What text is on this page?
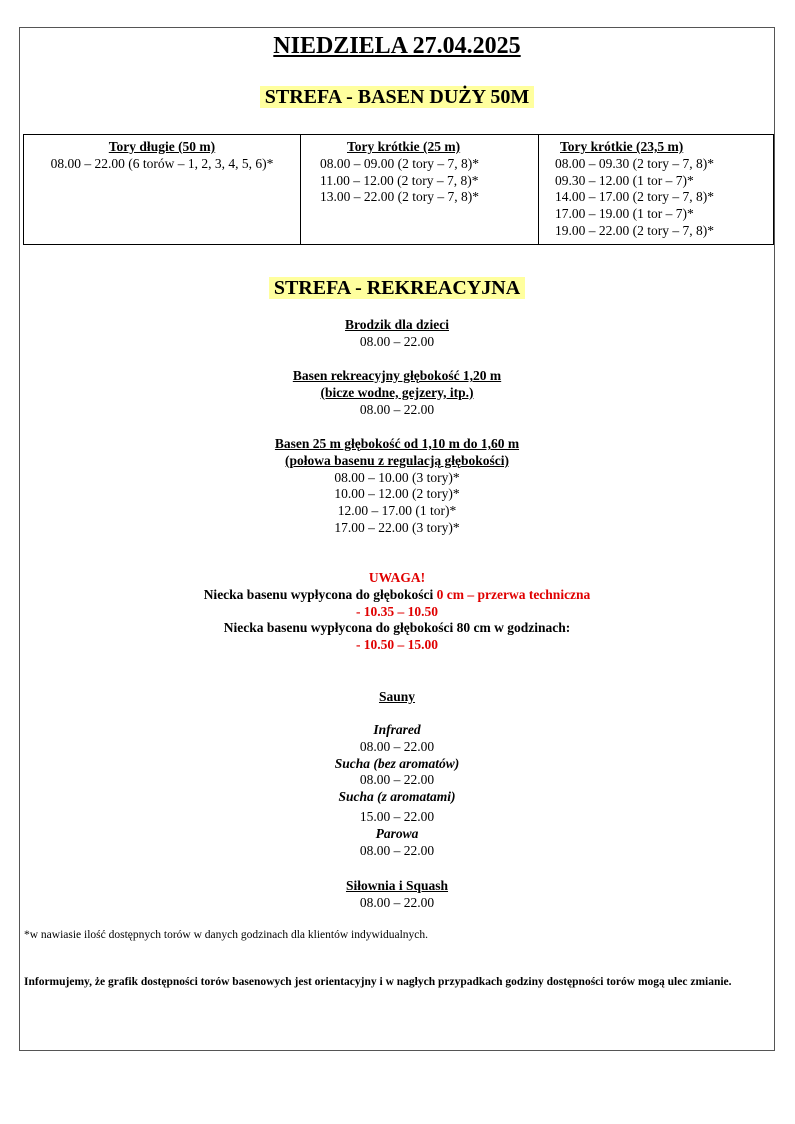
NIEDZIELA 27.04.2025
STREFA - BASEN DUŻY 50M
Tory długie (50 m)
08.00 – 22.00 (6 torów – 1, 2, 3, 4, 5, 6)*
Tory krótkie (25 m)
08.00 – 09.00 (2 tory – 7, 8)*
11.00 – 12.00 (2 tory – 7, 8)*
13.00 – 22.00 (2 tory – 7, 8)*
Tory krótkie (23,5 m)
08.00 – 09.30 (2 tory – 7, 8)*
09.30 – 12.00 (1 tor – 7)*
14.00 – 17.00 (2 tory – 7, 8)*
17.00 – 19.00 (1 tor – 7)*
19.00 – 22.00 (2 tory – 7, 8)*
STREFA - REKREACYJNA
Brodzik dla dzieci
08.00 – 22.00
Basen rekreacyjny głębokość 1,20 m
(bicze wodne, gejzery, itp.)
08.00 – 22.00
Basen 25 m głębokość od 1,10 m do 1,60 m
(połowa basenu z regulacją głębokości)
08.00 – 10.00 (3 tory)*
10.00 – 12.00 (2 tory)*
12.00 – 17.00 (1 tor)*
17.00 – 22.00 (3 tory)*
UWAGA!
Niecka basenu wypłycona do głębokości 0 cm – przerwa techniczna
- 10.35 – 10.50
Niecka basenu wypłycona do głębokości 80 cm w godzinach:
- 10.50 – 15.00
Sauny
Infrared
08.00 – 22.00
Sucha (bez aromatów)
08.00 – 22.00
Sucha (z aromatami)
15.00 – 22.00
Parowa
08.00 – 22.00
Siłownia i Squash
08.00 – 22.00
*w nawiasie ilość dostępnych torów w danych godzinach dla klientów indywidualnych.
Informujemy, że grafik dostępności torów basenowych jest orientacyjny i w nagłych przypadkach godziny dostępności torów mogą ulec zmianie.
